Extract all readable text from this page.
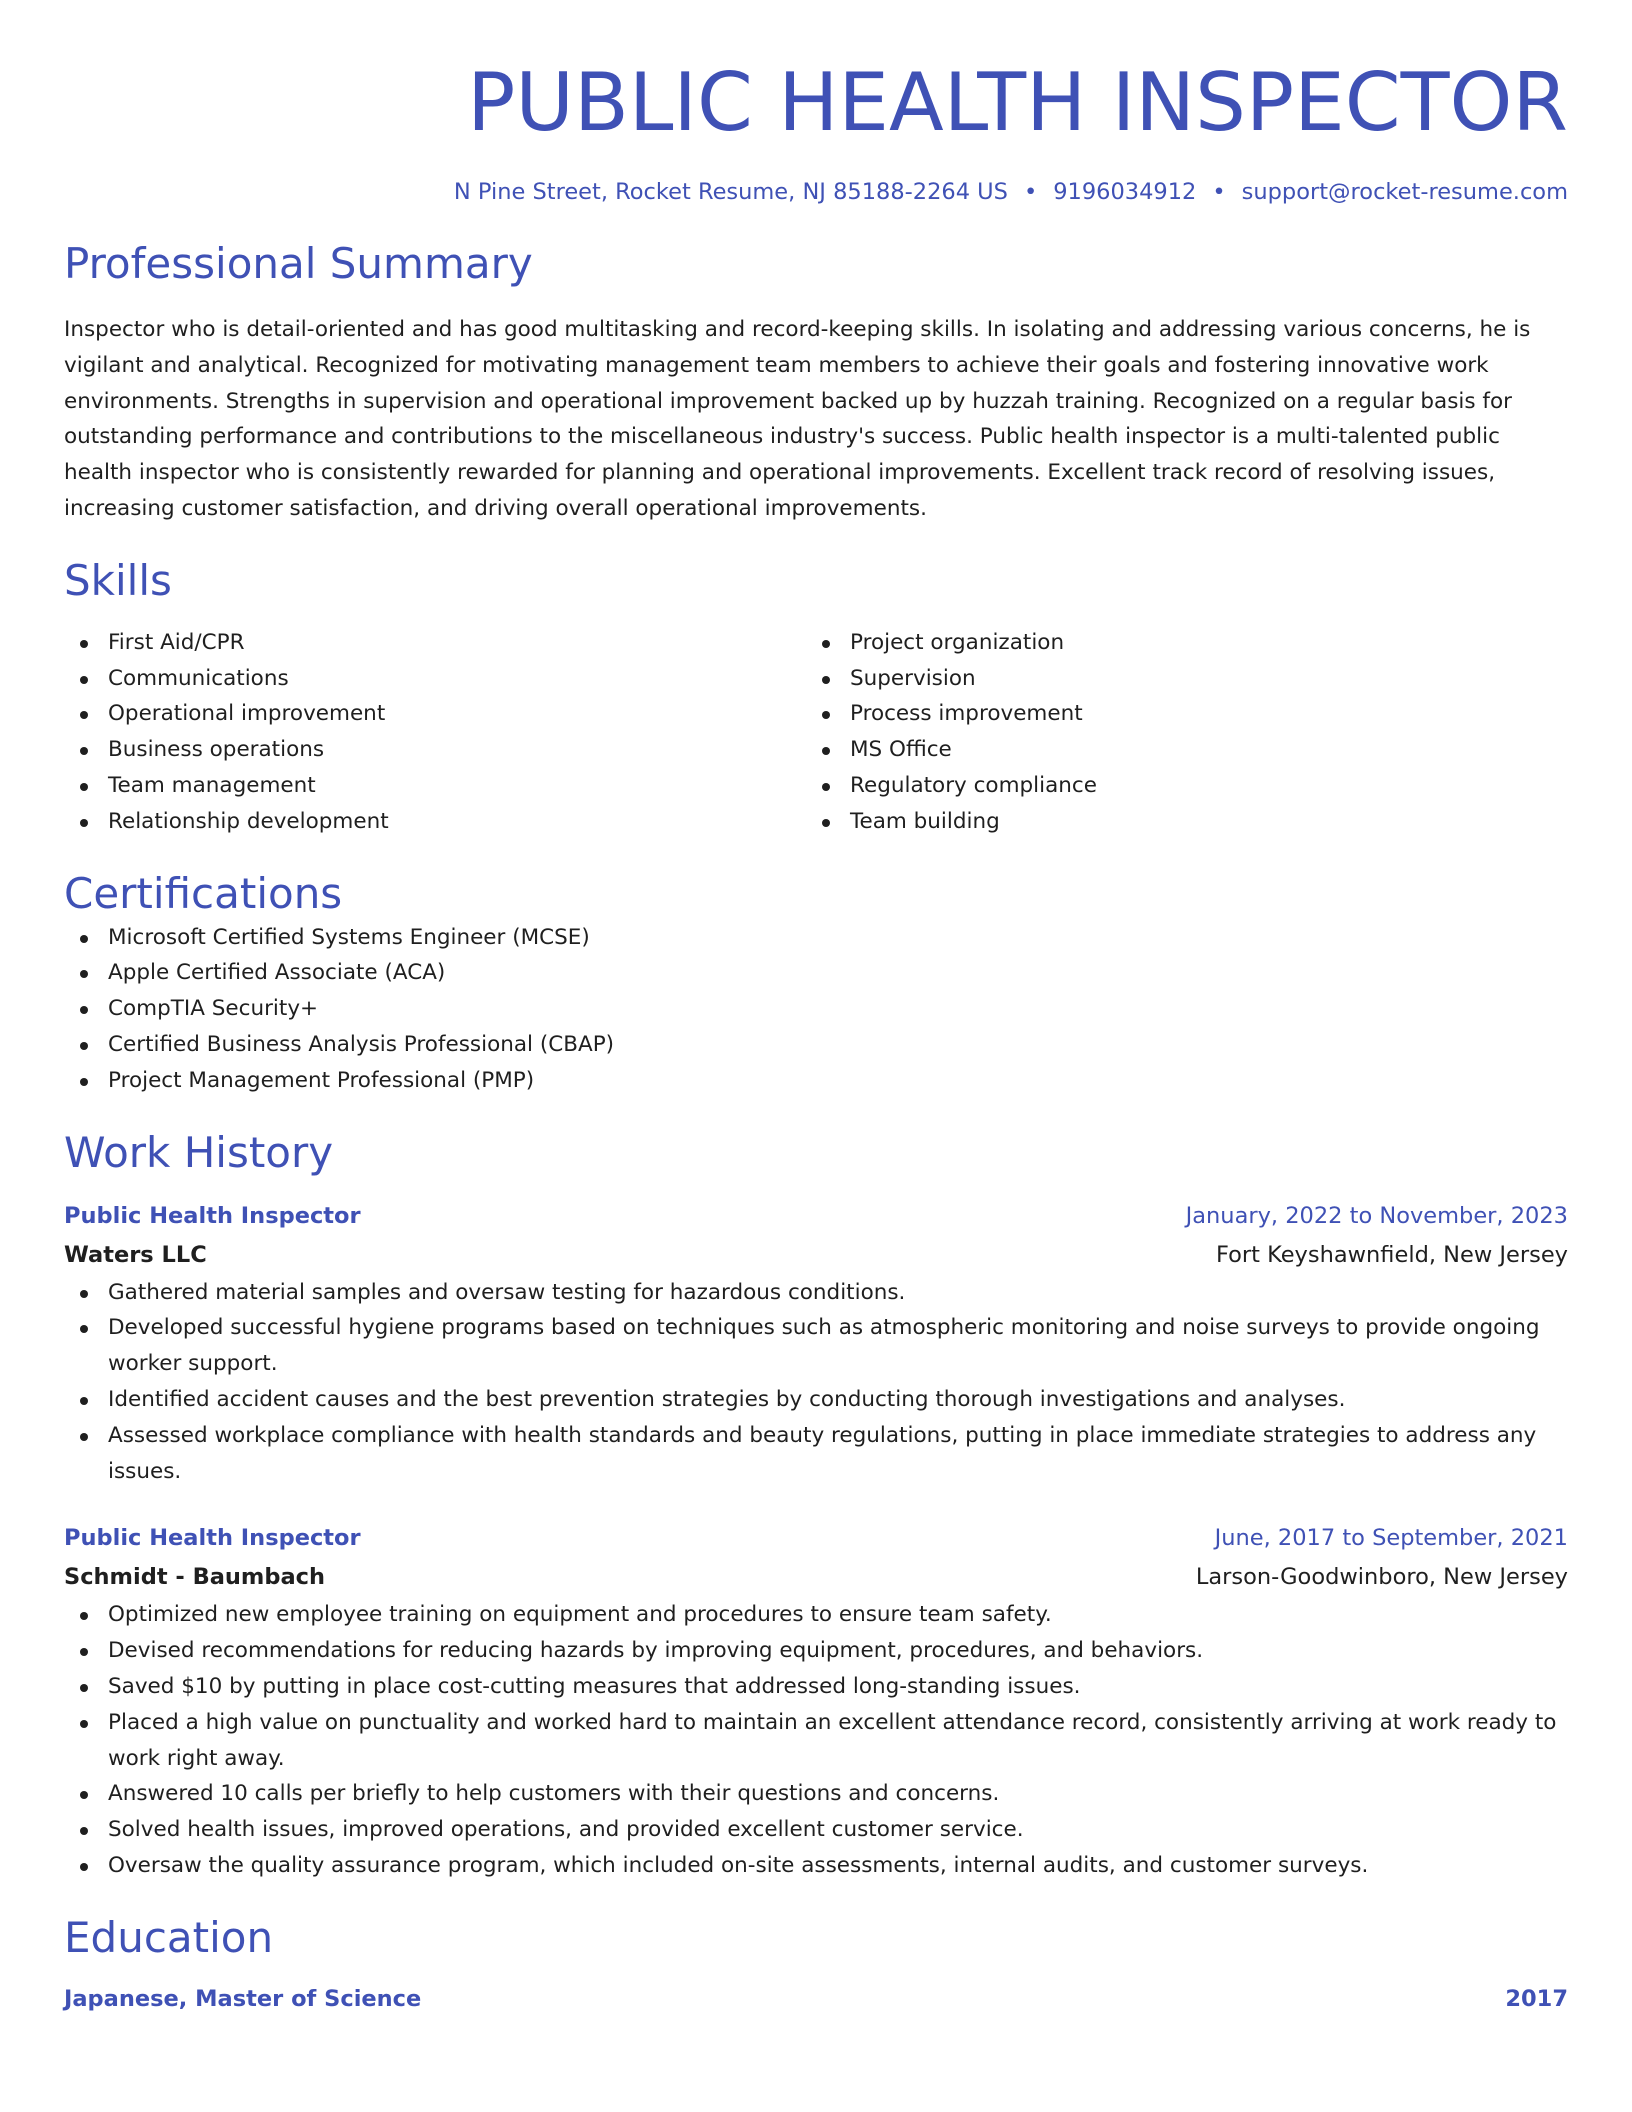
PUBLIC HEALTH INSPECTOR
N Pine Street, Rocket Resume, NJ 85188-2264 US • 9196034912 • support@rocket-resume.com
Professional Summary

Inspector who is detail-oriented and has good multitasking and record-keeping skills. In isolating and addressing various concerns, he is vigilant and analytical. Recognized for motivating management team members to achieve their goals and fostering innovative work environments. Strengths in supervision and operational improvement backed up by huzzah training. Recognized on a regular basis for outstanding performance and contributions to the miscellaneous industry's success. Public health inspector is a multi-talented public health inspector who is consistently rewarded for planning and operational improvements. Excellent track record of resolving issues, increasing customer satisfaction, and driving overall operational improvements.

Skills
First Aid/CPR
Communications
Operational improvement
Business operations
Team management
Relationship development
Project organization
Supervision
Process improvement
MS Office
Regulatory compliance
Team building
Certifications
Microsoft Certified Systems Engineer (MCSE)
Apple Certified Associate (ACA)
CompTIA Security+
Certified Business Analysis Professional (CBAP)
Project Management Professional (PMP)
Work History
Public Health Inspector	January, 2022 to November, 2023
Waters LLC	Fort Keyshawnfield, New Jersey
Gathered material samples and oversaw testing for hazardous conditions.
Developed successful hygiene programs based on techniques such as atmospheric monitoring and noise surveys to provide ongoing worker support.
Identified accident causes and the best prevention strategies by conducting thorough investigations and analyses.
Assessed workplace compliance with health standards and beauty regulations, putting in place immediate strategies to address any issues.
Public Health Inspector	June, 2017 to September, 2021
Schmidt - Baumbach	Larson-Goodwinboro, New Jersey
Optimized new employee training on equipment and procedures to ensure team safety.
Devised recommendations for reducing hazards by improving equipment, procedures, and behaviors.
Saved $10 by putting in place cost-cutting measures that addressed long-standing issues.
Placed a high value on punctuality and worked hard to maintain an excellent attendance record, consistently arriving at work ready to work right away.
Answered 10 calls per briefly to help customers with their questions and concerns.
Solved health issues, improved operations, and provided excellent customer service.
Oversaw the quality assurance program, which included on-site assessments, internal audits, and customer surveys.
Education
Japanese, Master of Science	2017
